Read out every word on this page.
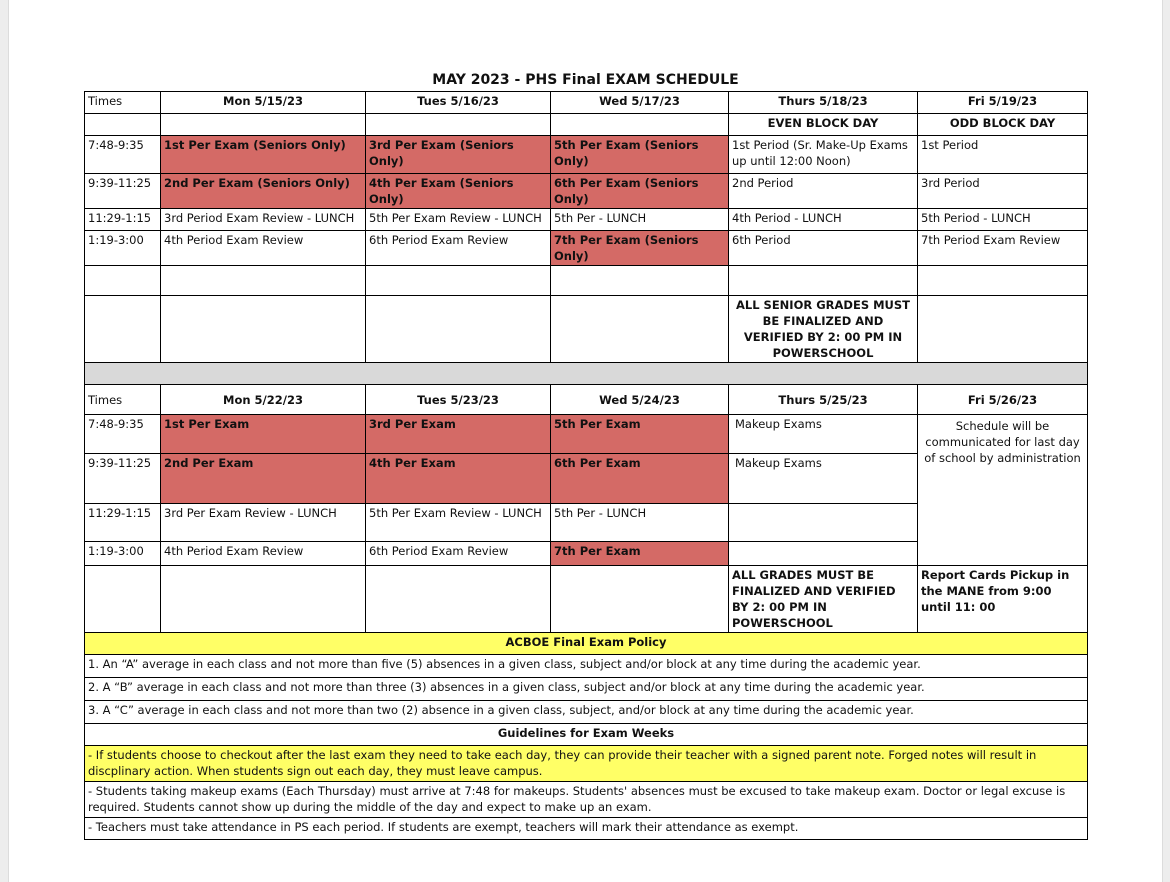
MAY 2023 - PHS Final EXAM SCHEDULE
Times	Mon 5/15/23	Tues 5/16/23	Wed 5/17/23	Thurs 5/18/23	Fri 5/19/23
				EVEN BLOCK DAY	ODD BLOCK DAY
7:48-9:35	1st Per Exam (Seniors Only)	3rd Per Exam (Seniors Only)	5th Per Exam (Seniors Only)	1st Period (Sr. Make-Up Exams up until 12:00 Noon)	1st Period
9:39-11:25	2nd Per Exam (Seniors Only)	4th Per Exam (Seniors Only)	6th Per Exam (Seniors Only)	2nd Period	3rd Period
11:29-1:15	3rd Period Exam Review - LUNCH	5th Per Exam Review - LUNCH	5th Per - LUNCH	4th Period - LUNCH	5th Period - LUNCH
1:19-3:00	4th Period Exam Review	6th Period Exam Review	7th Per Exam (Seniors Only)	6th Period	7th Period Exam Review

				ALL SENIOR GRADES MUST BE FINALIZED AND VERIFIED BY 2: 00 PM IN POWERSCHOOL	

Times	Mon 5/22/23	Tues 5/23/23	Wed 5/24/23	Thurs 5/25/23	Fri 5/26/23
7:48-9:35	1st Per Exam	3rd Per Exam	5th Per Exam	Makeup Exams	Schedule will be communicated for last day of school by administration
9:39-11:25	2nd Per Exam	4th Per Exam	6th Per Exam	Makeup Exams	
11:29-1:15	3rd Per Exam Review - LUNCH	5th Per Exam Review - LUNCH	5th Per - LUNCH		
1:19-3:00	4th Period Exam Review	6th Period Exam Review	7th Per Exam		
				ALL GRADES MUST BE FINALIZED AND VERIFIED BY 2: 00 PM IN POWERSCHOOL	Report Cards Pickup in the MANE from 9:00 until 11: 00
ACBOE Final Exam Policy					
1. An “A” average in each class and not more than five (5) absences in a given class, subject and/or block at any time during the academic year.					
2. A “B” average in each class and not more than three (3) absences in a given class, subject and/or block at any time during the academic year.					
3. A “C” average in each class and not more than two (2) absence in a given class, subject, and/or block at any time during the academic year.					
Guidelines for Exam Weeks					
- If students choose to checkout after the last exam they need to take each day, they can provide their teacher with a signed parent note. Forged notes will result in discplinary action. When students sign out each day, they must leave campus.					
- Students taking makeup exams (Each Thursday) must arrive at 7:48 for makeups. Students' absences must be excused to take makeup exam. Doctor or legal excuse is required. Students cannot show up during the middle of the day and expect to make up an exam.					
- Teachers must take attendance in PS each period. If students are exempt, teachers will mark their attendance as exempt.					
